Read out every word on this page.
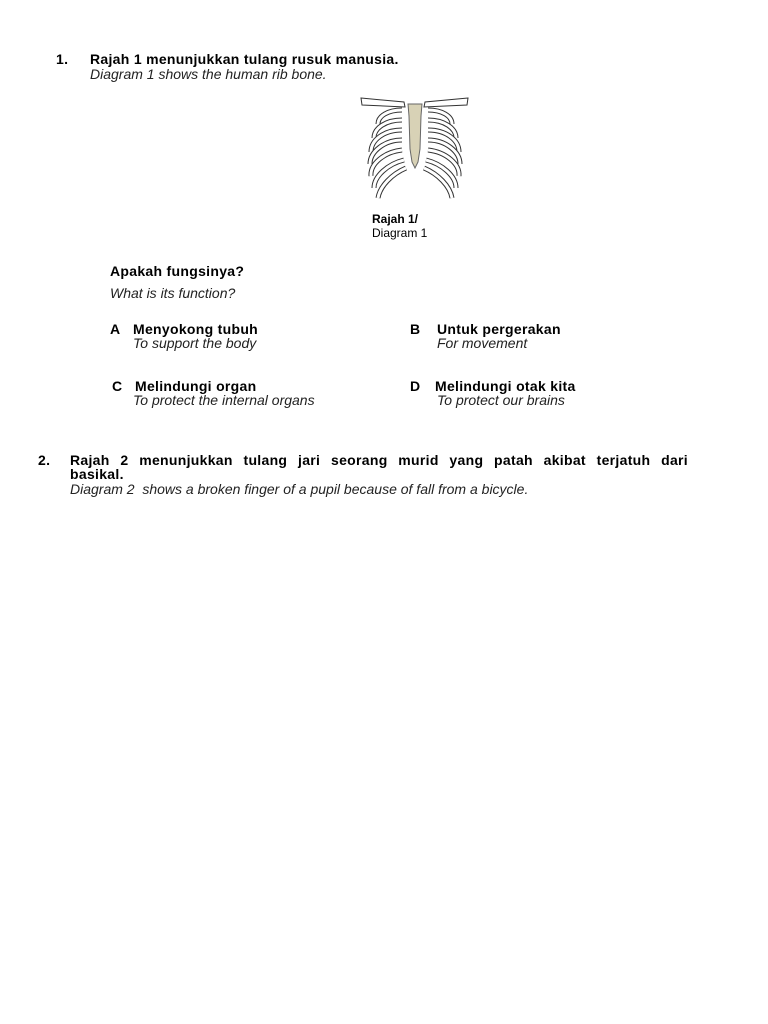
1. Rajah 1 menunjukkan tulang rusuk manusia.
Diagram 1 shows the human rib bone.
Rajah 1/
Diagram 1
Apakah fungsinya?
What is its function?
A Menyokong tubuh
To support the body
B Untuk pergerakan
For movement
C Melindungi organ
To protect the internal organs
D Melindungi otak kita
To protect our brains
2. Rajah 2 menunjukkan tulang jari seorang murid yang patah akibat terjatuh dari
basikal.
Diagram 2  shows a broken finger of a pupil because of fall from a bicycle.
